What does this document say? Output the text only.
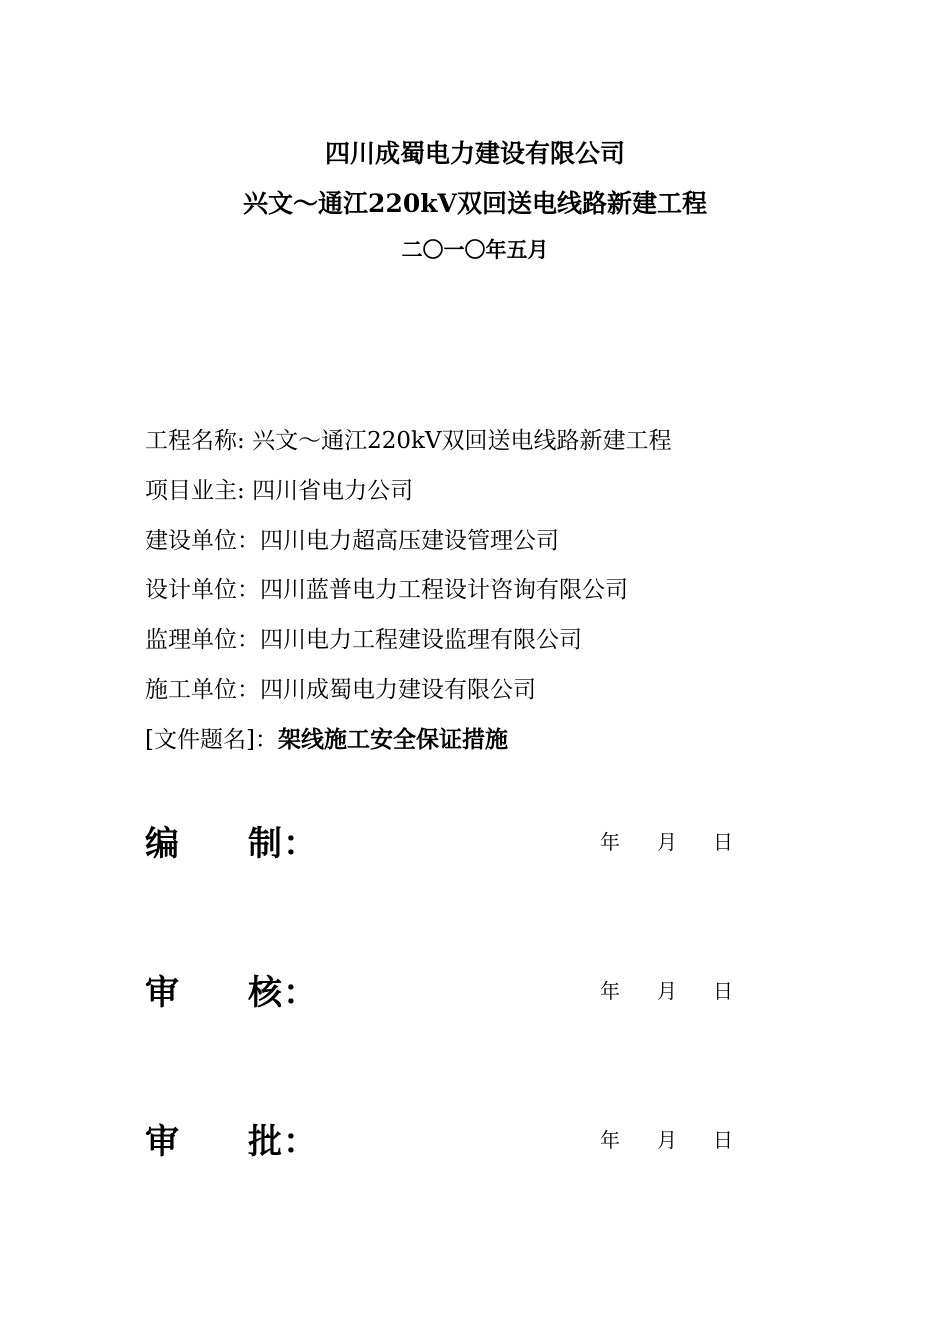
四川成蜀电力建设有限公司
兴文～通江220kV双回送电线路新建工程
二〇一〇年五月
工程名称: 兴文～通江220kV双回送电线路新建工程
项目业主: 四川省电力公司
建设单位：四川电力超高压建设管理公司
设计单位：四川蓝普电力工程设计咨询有限公司
监理单位：四川电力工程建设监理有限公司
施工单位：四川成蜀电力建设有限公司
[文件题名]：架线施工安全保证措施
编 制 ：	年 月 日
审 核 ：	年 月 日
审 批 ：	年 月 日
